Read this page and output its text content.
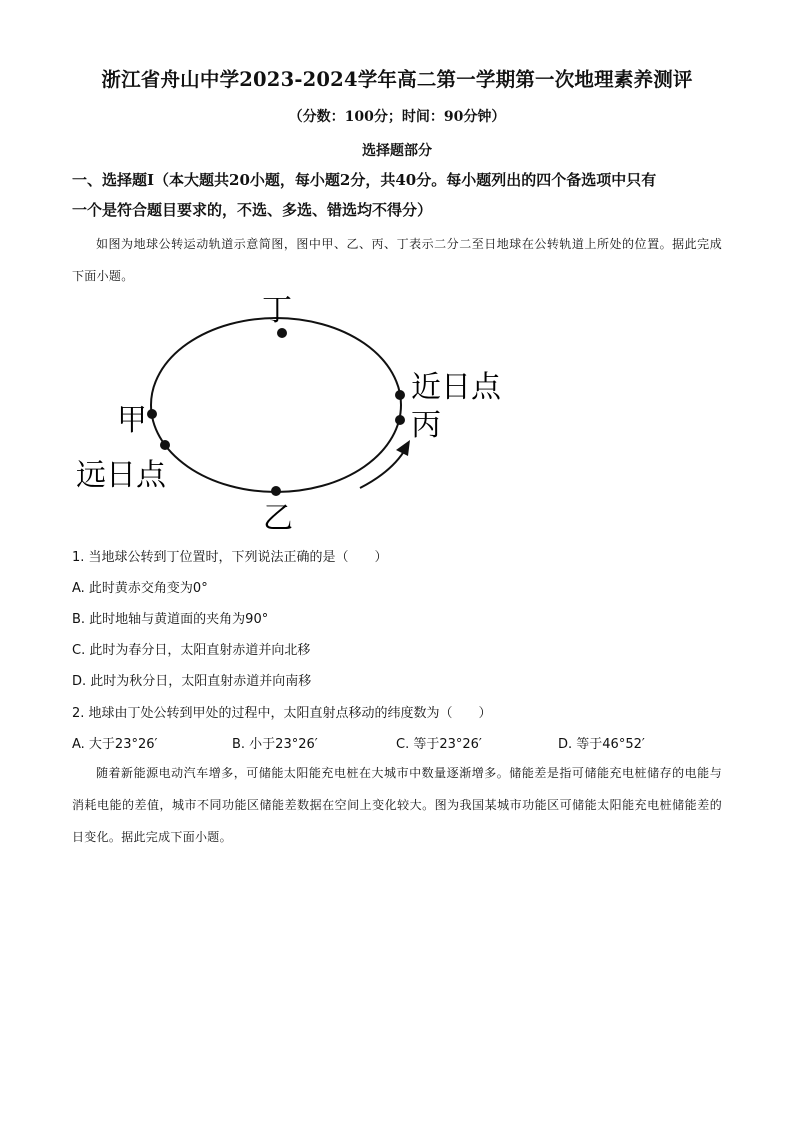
浙江省舟山中学2023-2024学年高二第一学期第一次地理素养测评
（分数：100分；时间：90分钟）
选择题部分
一、选择题Ⅰ（本大题共20小题，每小题2分，共40分。每小题列出的四个备选项中只有
一个是符合题目要求的，不选、多选、错选均不得分）
如图为地球公转运动轨道示意简图，图中甲、乙、丙、丁表示二分二至日地球在公转轨道上所处的位置。据此完成下面小题。
丁
甲
远日点
乙
近日点
丙
1. 当地球公转到丁位置时，下列说法正确的是（　　）
A. 此时黄赤交角变为0°
B. 此时地轴与黄道面的夹角为90°
C. 此时为春分日，太阳直射赤道并向北移
D. 此时为秋分日，太阳直射赤道并向南移
2. 地球由丁处公转到甲处的过程中，太阳直射点移动的纬度数为（　　）
A. 大于23°26′	B. 小于23°26′	C. 等于23°26′	D. 等于46°52′
随着新能源电动汽车增多，可储能太阳能充电桩在大城市中数量逐渐增多。储能差是指可储能充电桩储存的电能与消耗电能的差值，城市不同功能区储能差数据在空间上变化较大。图为我国某城市功能区可储能太阳能充电桩储能差的日变化。据此完成下面小题。
